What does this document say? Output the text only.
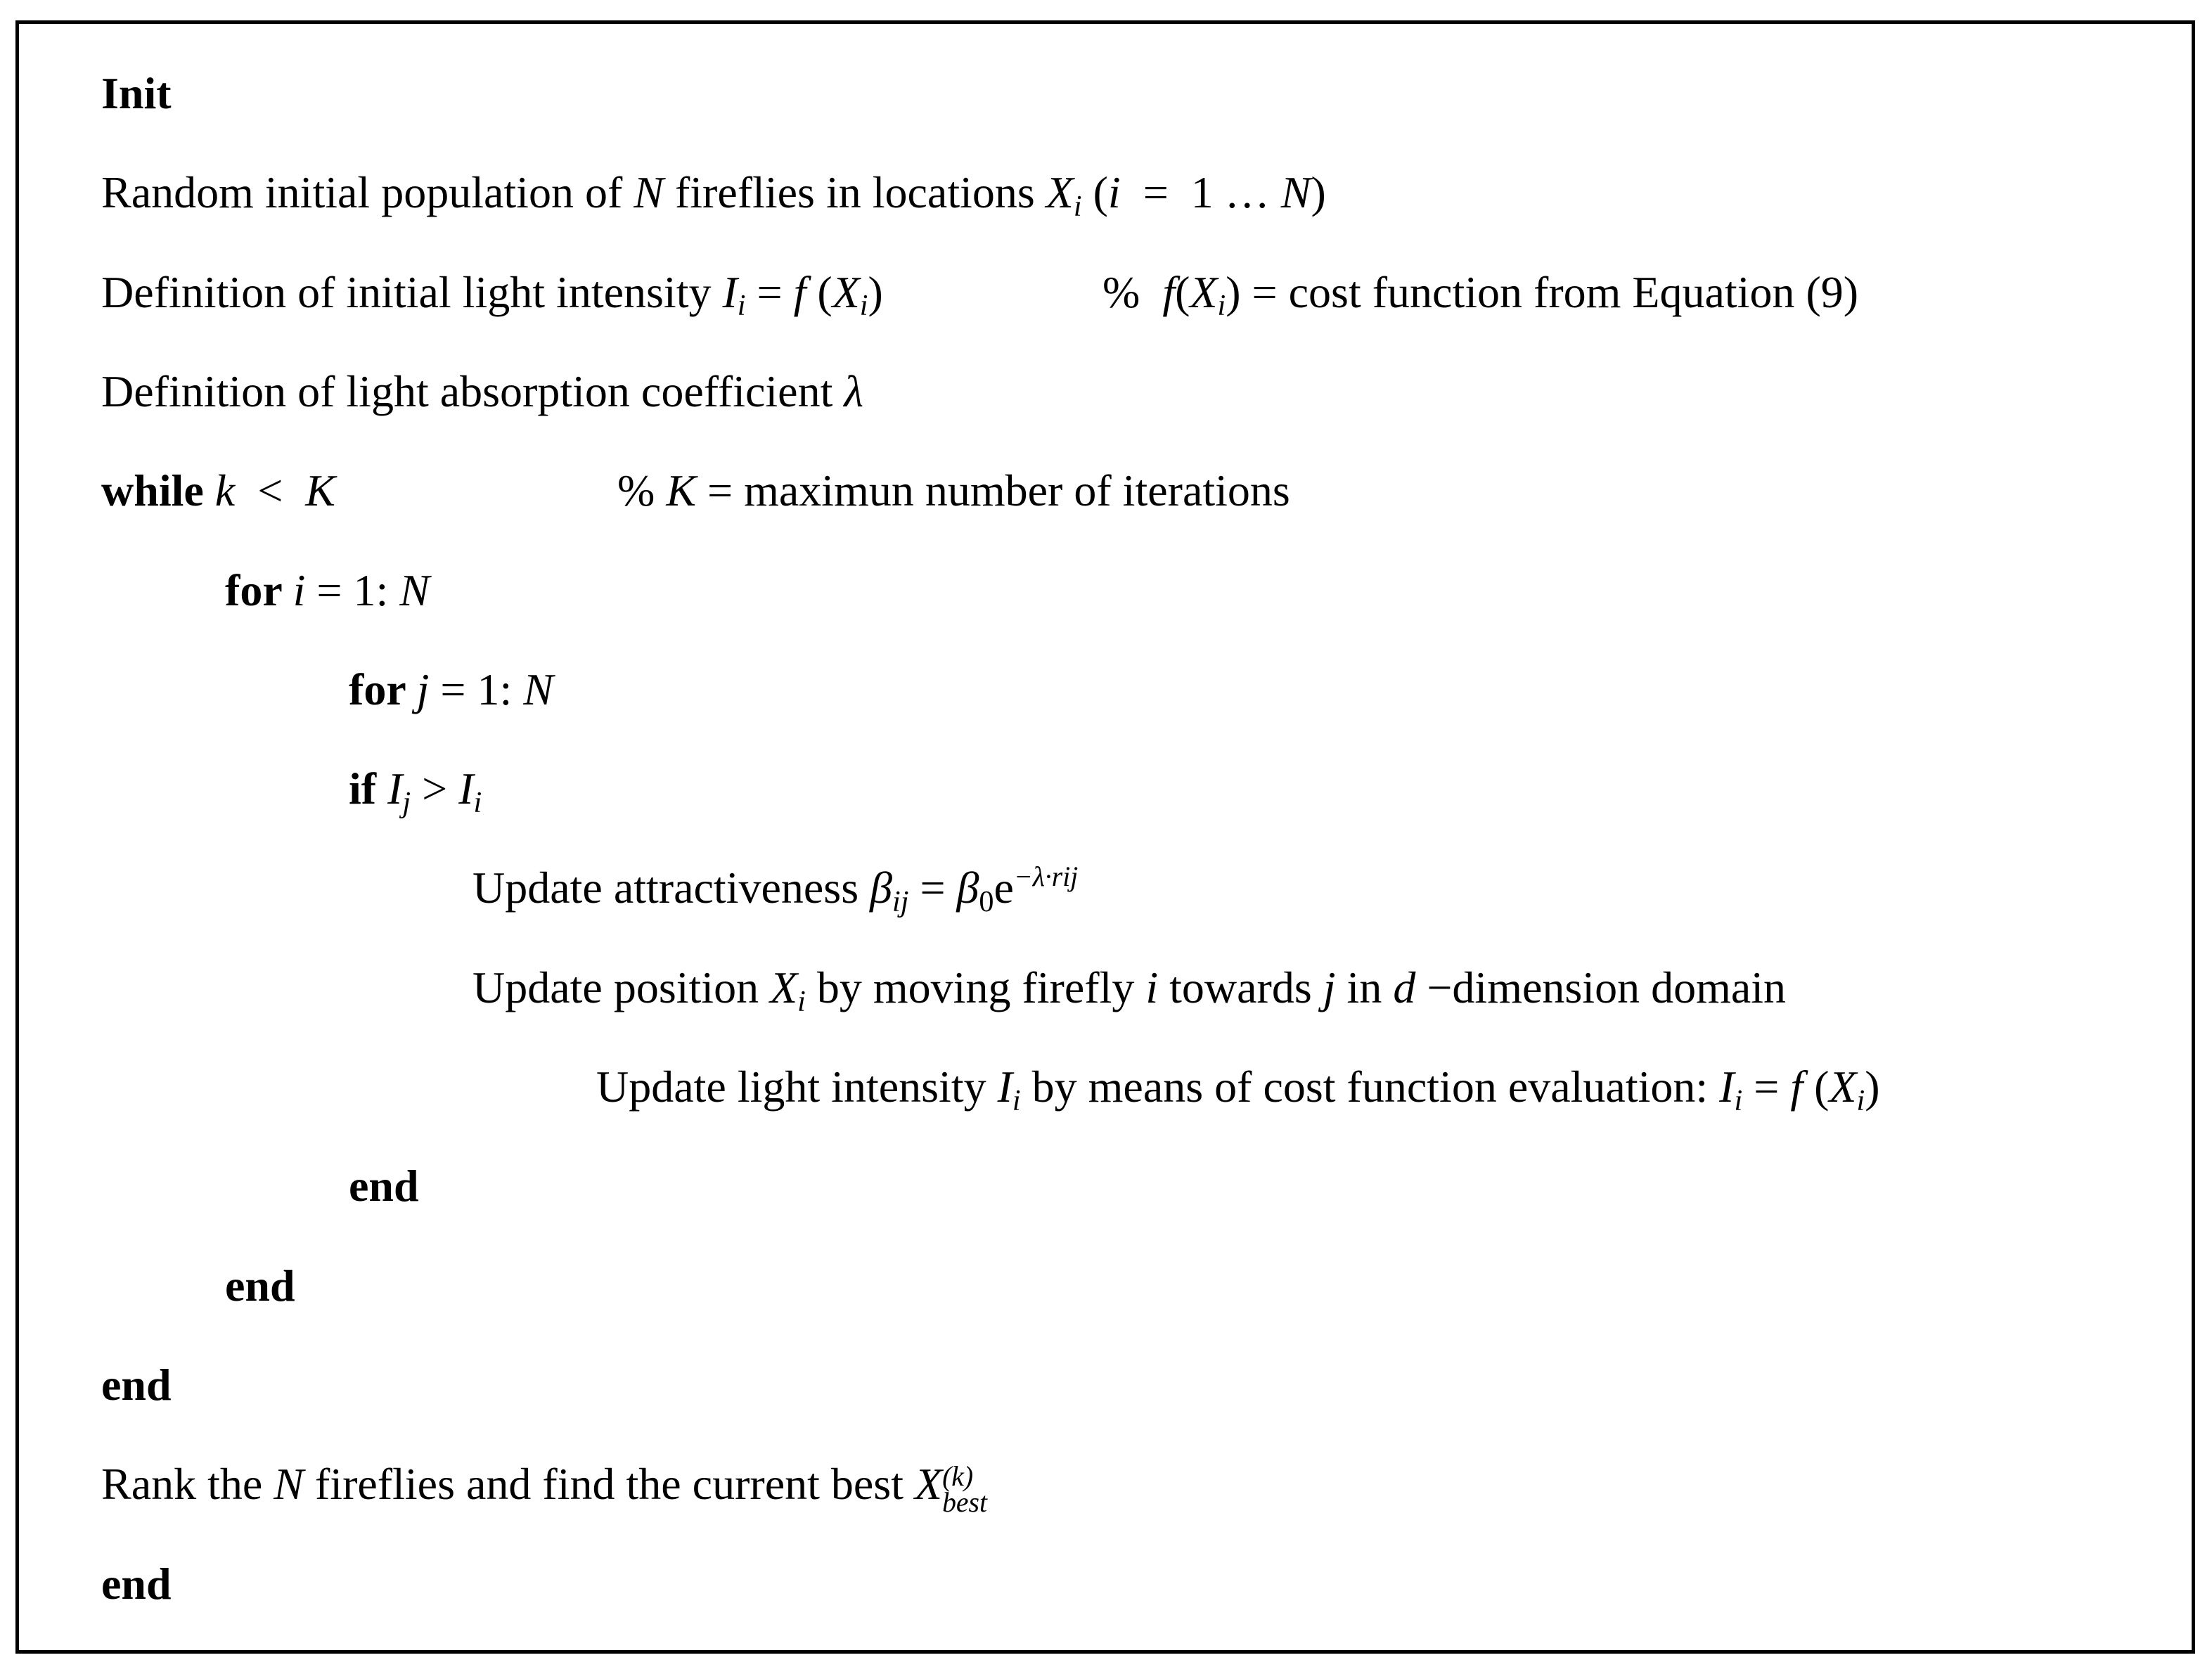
Init
Random initial population of N fireflies in locations Xi (i  =  1 … N)
Definition of initial light intensity Ii = f (Xi)	%  f(Xi) = cost function from Equation (9)
Definition of light absorption coefficient λ
while k  <  K	% K = maximun number of iterations
for i = 1: N
for j = 1: N
if Ij > Ii
Update attractiveness $\beta ij = \beta 0e^{-\lambda\cdot rij}$
Update position Xi by moving firefly i towards j in d −dimension domain
Update light intensity Ii by means of cost function evaluation: Ii = f (Xi)
end
end
end
Rank the N fireflies and find the current best X (k)
best
end
